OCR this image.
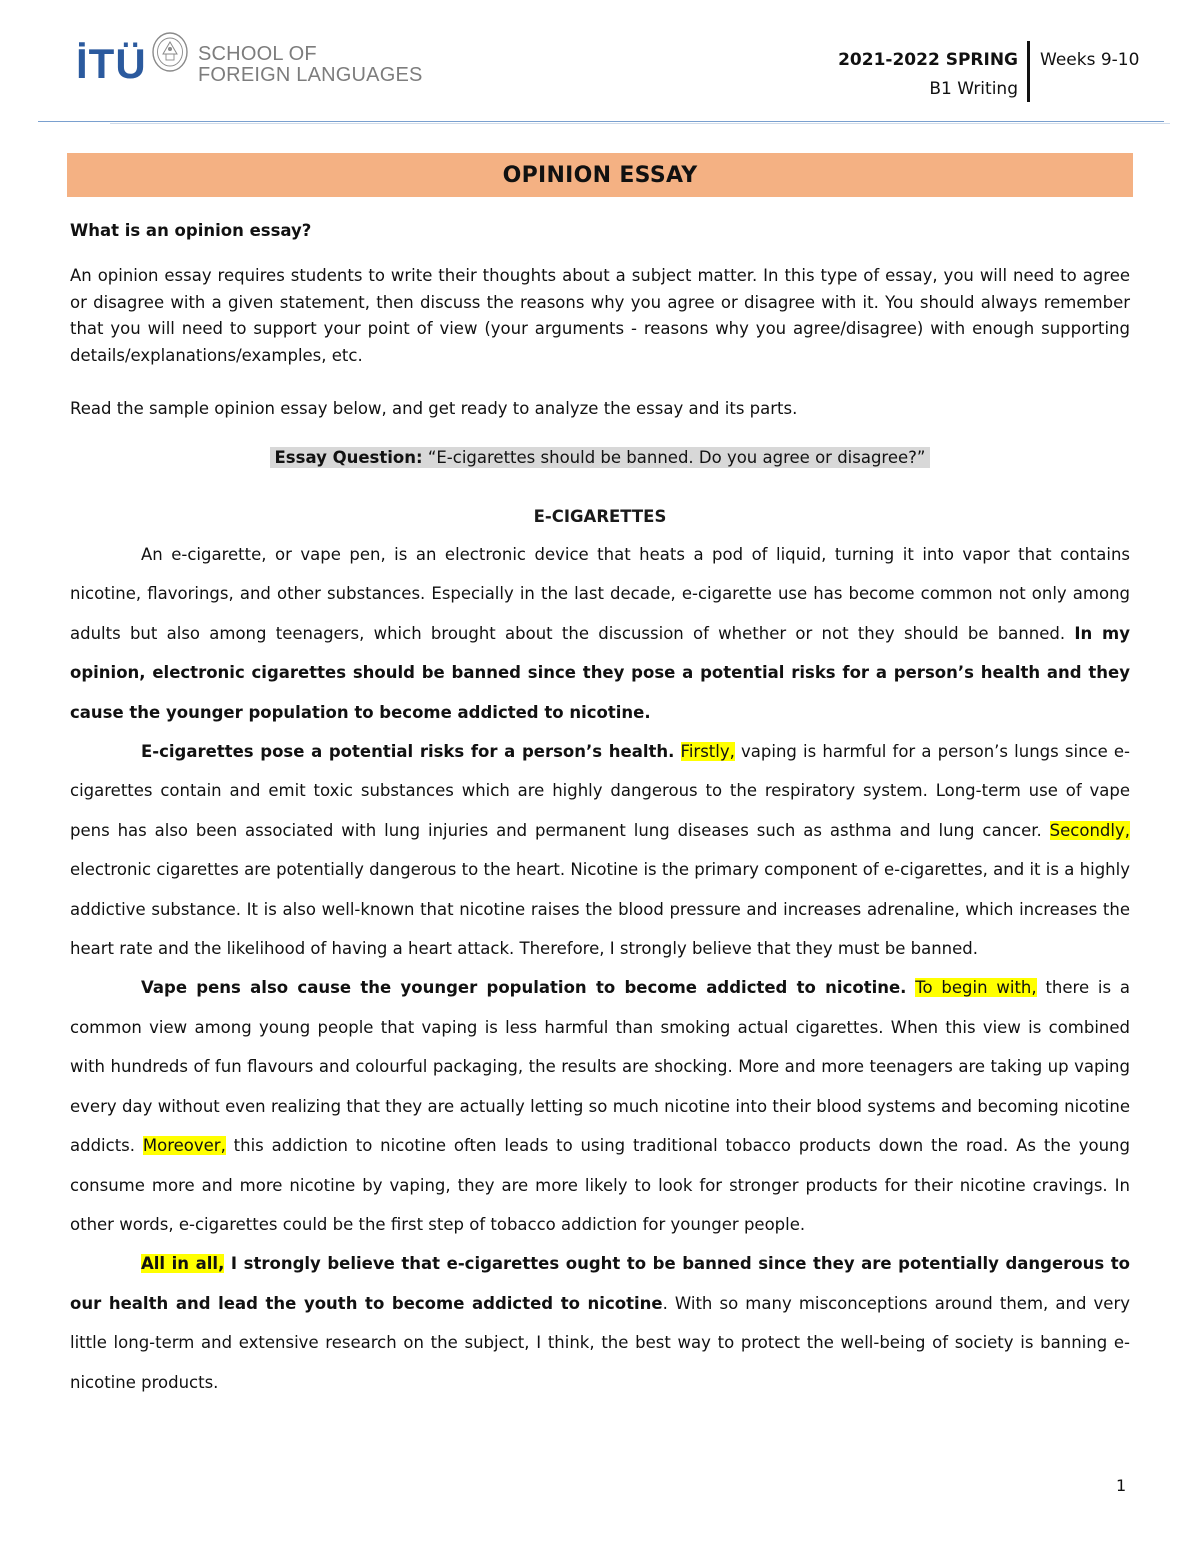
İTÜ	SCHOOL OF
FOREIGN LANGUAGES
2021-2022 SPRING
B1 Writing
Weeks 9-10
OPINION ESSAY
What is an opinion essay?
An opinion essay requires students to write their thoughts about a subject matter. In this type of essay, you will need to agree or disagree with a given statement, then discuss the reasons why you agree or disagree with it. You should always remember that you will need to support your point of view (your arguments - reasons why you agree/disagree) with enough supporting details/explanations/examples, etc.
Read the sample opinion essay below, and get ready to analyze the essay and its parts.
Essay Question: “E-cigarettes should be banned. Do you agree or disagree?”
E-CIGARETTES

An e-cigarette, or vape pen, is an electronic device that heats a pod of liquid, turning it into vapor that contains nicotine, flavorings, and other substances. Especially in the last decade, e-cigarette use has become common not only among adults but also among teenagers, which brought about the discussion of whether or not they should be banned. In my opinion, electronic cigarettes should be banned since they pose a potential risks for a person’s health and they cause the younger population to become addicted to nicotine.

E-cigarettes pose a potential risks for a person’s health. Firstly, vaping is harmful for a person’s lungs since e-cigarettes contain and emit toxic substances which are highly dangerous to the respiratory system. Long-term use of vape pens has also been associated with lung injuries and permanent lung diseases such as asthma and lung cancer. Secondly, electronic cigarettes are potentially dangerous to the heart. Nicotine is the primary component of e-cigarettes, and it is a highly addictive substance. It is also well-known that nicotine raises the blood pressure and increases adrenaline, which increases the heart rate and the likelihood of having a heart attack. Therefore, I strongly believe that they must be banned.

Vape pens also cause the younger population to become addicted to nicotine. To begin with, there is a common view among young people that vaping is less harmful than smoking actual cigarettes. When this view is combined with hundreds of fun flavours and colourful packaging, the results are shocking. More and more teenagers are taking up vaping every day without even realizing that they are actually letting so much nicotine into their blood systems and becoming nicotine addicts. Moreover, this addiction to nicotine often leads to using traditional tobacco products down the road. As the young consume more and more nicotine by vaping, they are more likely to look for stronger products for their nicotine cravings. In other words, e-cigarettes could be the first step of tobacco addiction for younger people.

All in all, I strongly believe that e-cigarettes ought to be banned since they are potentially dangerous to our health and lead the youth to become addicted to nicotine. With so many misconceptions around them, and very little long-term and extensive research on the subject, I think, the best way to protect the well-being of society is banning e-nicotine products.

1
